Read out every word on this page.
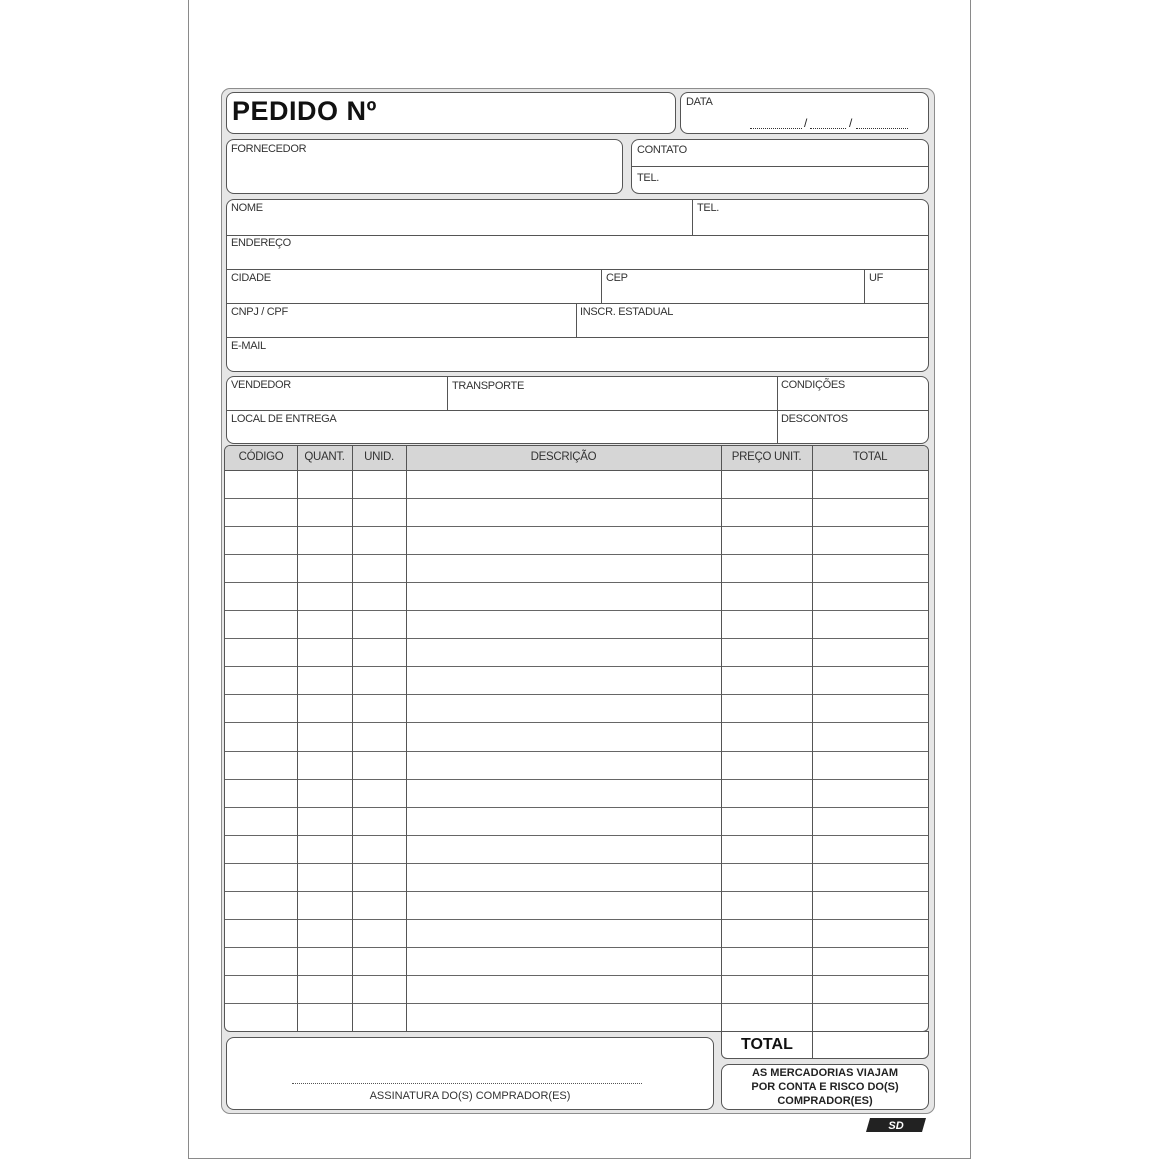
PEDIDO Nº	DATA
/	/
FORNECEDOR	CONTATO
TEL.
NOME	TEL.
ENDEREÇO
CIDADE	CEP	UF
CNPJ / CPF	INSCR. ESTADUAL
E-MAIL
VENDEDOR	TRANSPORTE	CONDIÇÕES
LOCAL DE ENTREGA	DESCONTOS
CÓDIGO	QUANT.	UNID.	DESCRIÇÃO	PREÇO UNIT.	TOTAL
TOTAL
ASSINATURA DO(S) COMPRADOR(ES)
AS MERCADORIAS VIAJAM
POR CONTA E RISCO DO(S)
COMPRADOR(ES)
SD
